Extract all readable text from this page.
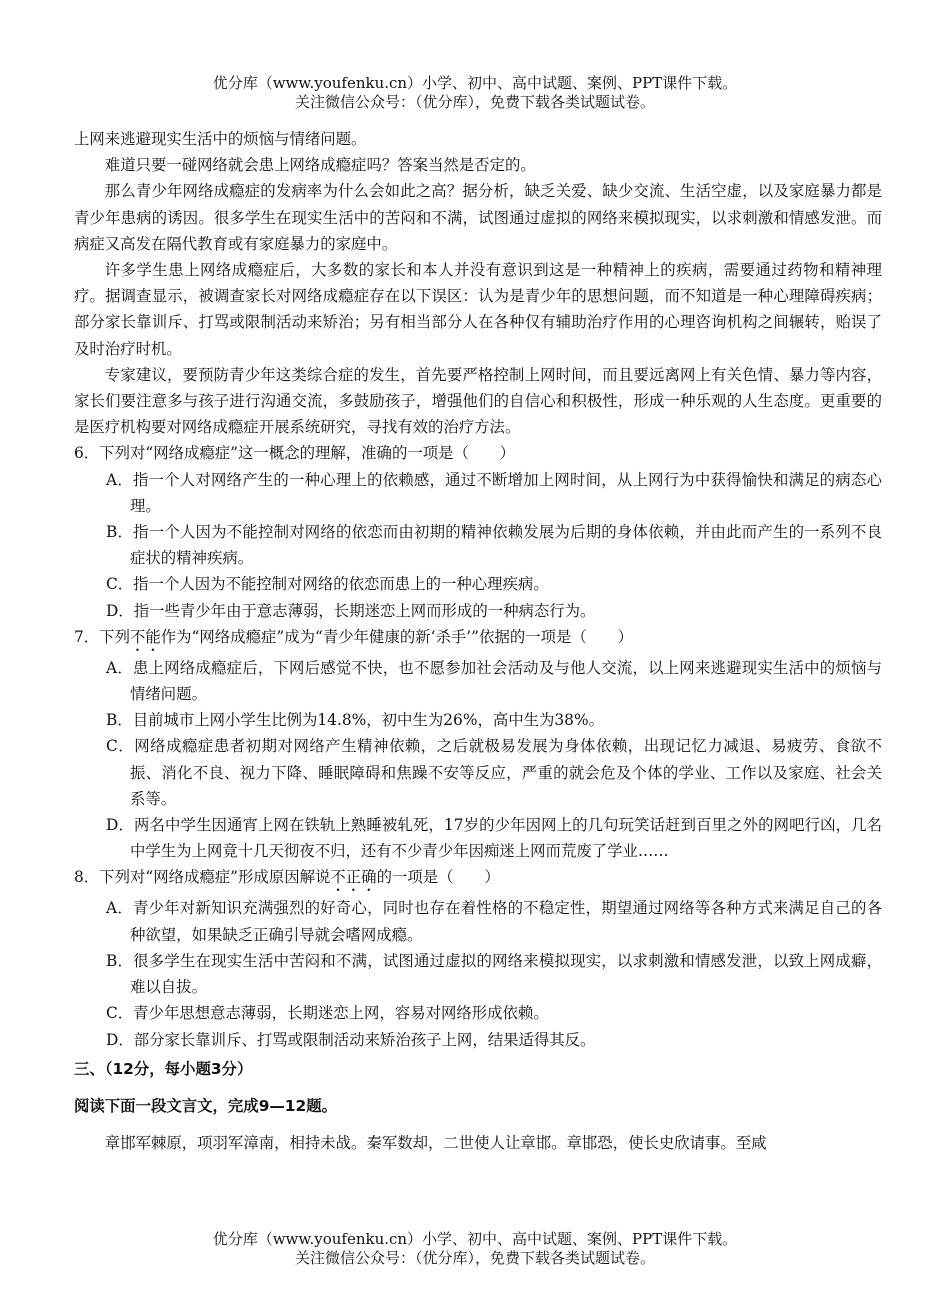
优分库（www.youfenku.cn）小学、初中、高中试题、案例、PPT课件下载。
关注微信公众号：（优分库），免费下载各类试题试卷。

上网来逃避现实生活中的烦恼与情绪问题。

难道只要一碰网络就会患上网络成瘾症吗？答案当然是否定的。

那么青少年网络成瘾症的发病率为什么会如此之高？据分析，缺乏关爱、缺少交流、生活空虚，以及家庭暴力都是青少年患病的诱因。很多学生在现实生活中的苦闷和不满，试图通过虚拟的网络来模拟现实，以求刺激和情感发泄。而病症又高发在隔代教育或有家庭暴力的家庭中。

许多学生患上网络成瘾症后，大多数的家长和本人并没有意识到这是一种精神上的疾病，需要通过药物和精神理疗。据调查显示，被调查家长对网络成瘾症存在以下误区：认为是青少年的思想问题，而不知道是一种心理障碍疾病；部分家长靠训斥、打骂或限制活动来矫治；另有相当部分人在各种仅有辅助治疗作用的心理咨询机构之间辗转，贻误了及时治疗时机。

专家建议，要预防青少年这类综合症的发生，首先要严格控制上网时间，而且要远离网上有关色情、暴力等内容，家长们要注意多与孩子进行沟通交流，多鼓励孩子，增强他们的自信心和积极性，形成一种乐观的人生态度。更重要的是医疗机构要对网络成瘾症开展系统研究，寻找有效的治疗方法。

6．下列对“网络成瘾症”这一概念的理解，准确的一项是（　　）

A．指一个人对网络产生的一种心理上的依赖感，通过不断增加上网时间，从上网行为中获得愉快和满足的病态心理。

B．指一个人因为不能控制对网络的依恋而由初期的精神依赖发展为后期的身体依赖，并由此而产生的一系列不良症状的精神疾病。

C．指一个人因为不能控制对网络的依恋而患上的一种心理疾病。

D．指一些青少年由于意志薄弱，长期迷恋上网而形成的一种病态行为。

7．下列不能作为“网络成瘾症”成为“青少年健康的新‘杀手’”依据的一项是（　　）

A．患上网络成瘾症后，下网后感觉不快，也不愿参加社会活动及与他人交流，以上网来逃避现实生活中的烦恼与情绪问题。

B．目前城市上网小学生比例为14.8%，初中生为26%，高中生为38%。

C．网络成瘾症患者初期对网络产生精神依赖，之后就极易发展为身体依赖，出现记忆力减退、易疲劳、食欲不振、消化不良、视力下降、睡眠障碍和焦躁不安等反应，严重的就会危及个体的学业、工作以及家庭、社会关系等。

D．两名中学生因通宵上网在铁轨上熟睡被轧死，17岁的少年因网上的几句玩笑话赶到百里之外的网吧行凶，几名中学生为上网竟十几天彻夜不归，还有不少青少年因痴迷上网而荒废了学业……

8．下列对“网络成瘾症”形成原因解说不正确的一项是（　　）

A．青少年对新知识充满强烈的好奇心，同时也存在着性格的不稳定性，期望通过网络等各种方式来满足自己的各种欲望，如果缺乏正确引导就会嗜网成瘾。

B．很多学生在现实生活中苦闷和不满，试图通过虚拟的网络来模拟现实，以求刺激和情感发泄，以致上网成癖，难以自拔。

C．青少年思想意志薄弱，长期迷恋上网，容易对网络形成依赖。

D．部分家长靠训斥、打骂或限制活动来矫治孩子上网，结果适得其反。

三、（12分，每小题3分）

阅读下面一段文言文，完成9—12题。

章邯军棘原，项羽军漳南，相持未战。秦军数却，二世使人让章邯。章邯恐，使长史欣请事。至咸

优分库（www.youfenku.cn）小学、初中、高中试题、案例、PPT课件下载。
关注微信公众号：（优分库），免费下载各类试题试卷。
